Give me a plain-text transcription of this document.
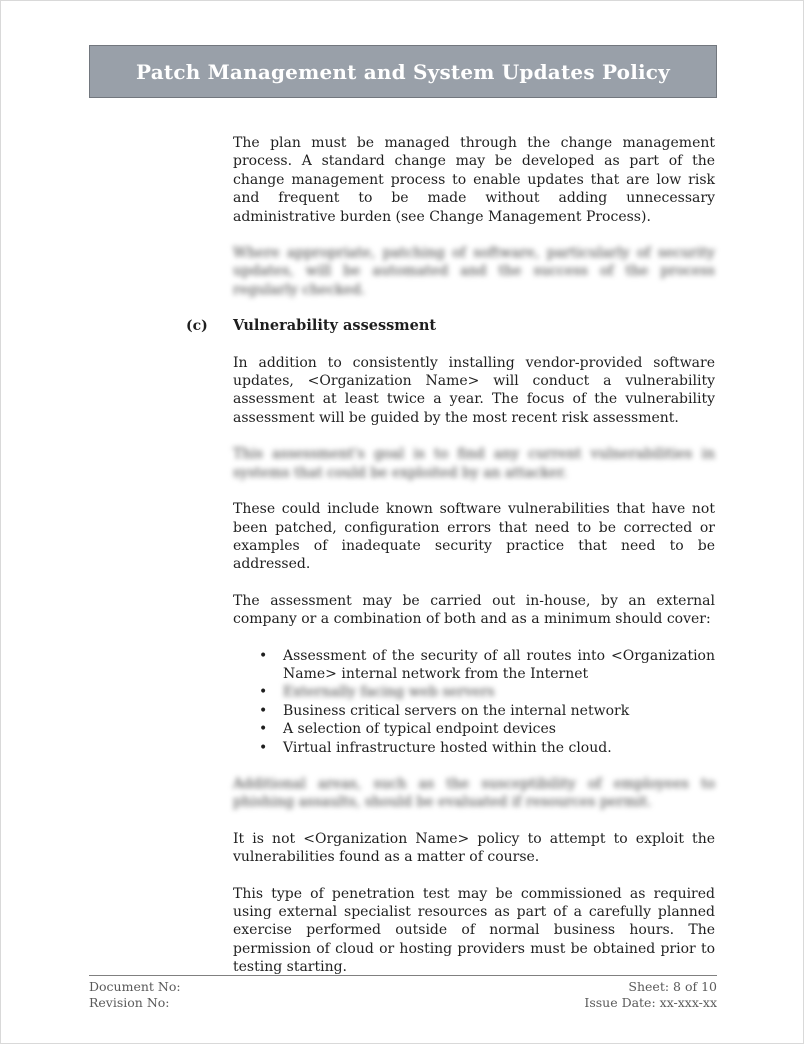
Patch Management and System Updates Policy

The plan must be managed through the change management process. A standard change may be developed as part of the change management process to enable updates that are low risk and frequent to be made without adding unnecessary administrative burden (see Change Management Process).

Where appropriate, patching of software, particularly of security updates, will be automated and the success of the process regularly checked.

(c)	Vulnerability assessment

In addition to consistently installing vendor-provided software updates, <Organization Name> will conduct a vulnerability assessment at least twice a year. The focus of the vulnerability assessment will be guided by the most recent risk assessment.

This assessment's goal is to find any current vulnerabilities in systems that could be exploited by an attacker.

These could include known software vulnerabilities that have not been patched, configuration errors that need to be corrected or examples of inadequate security practice that need to be addressed.

The assessment may be carried out in-house, by an external company or a combination of both and as a minimum should cover:

• Assessment of the security of all routes into <Organization Name> internal network from the Internet
• Externally facing web servers
• Business critical servers on the internal network
• A selection of typical endpoint devices
• Virtual infrastructure hosted within the cloud.

Additional areas, such as the susceptibility of employees to phishing assaults, should be evaluated if resources permit.

It is not <Organization Name> policy to attempt to exploit the vulnerabilities found as a matter of course.

This type of penetration test may be commissioned as required using external specialist resources as part of a carefully planned exercise performed outside of normal business hours. The permission of cloud or hosting providers must be obtained prior to testing starting.

Document No:
Revision No:
Sheet: 8 of 10
Issue Date: xx-xxx-xx
